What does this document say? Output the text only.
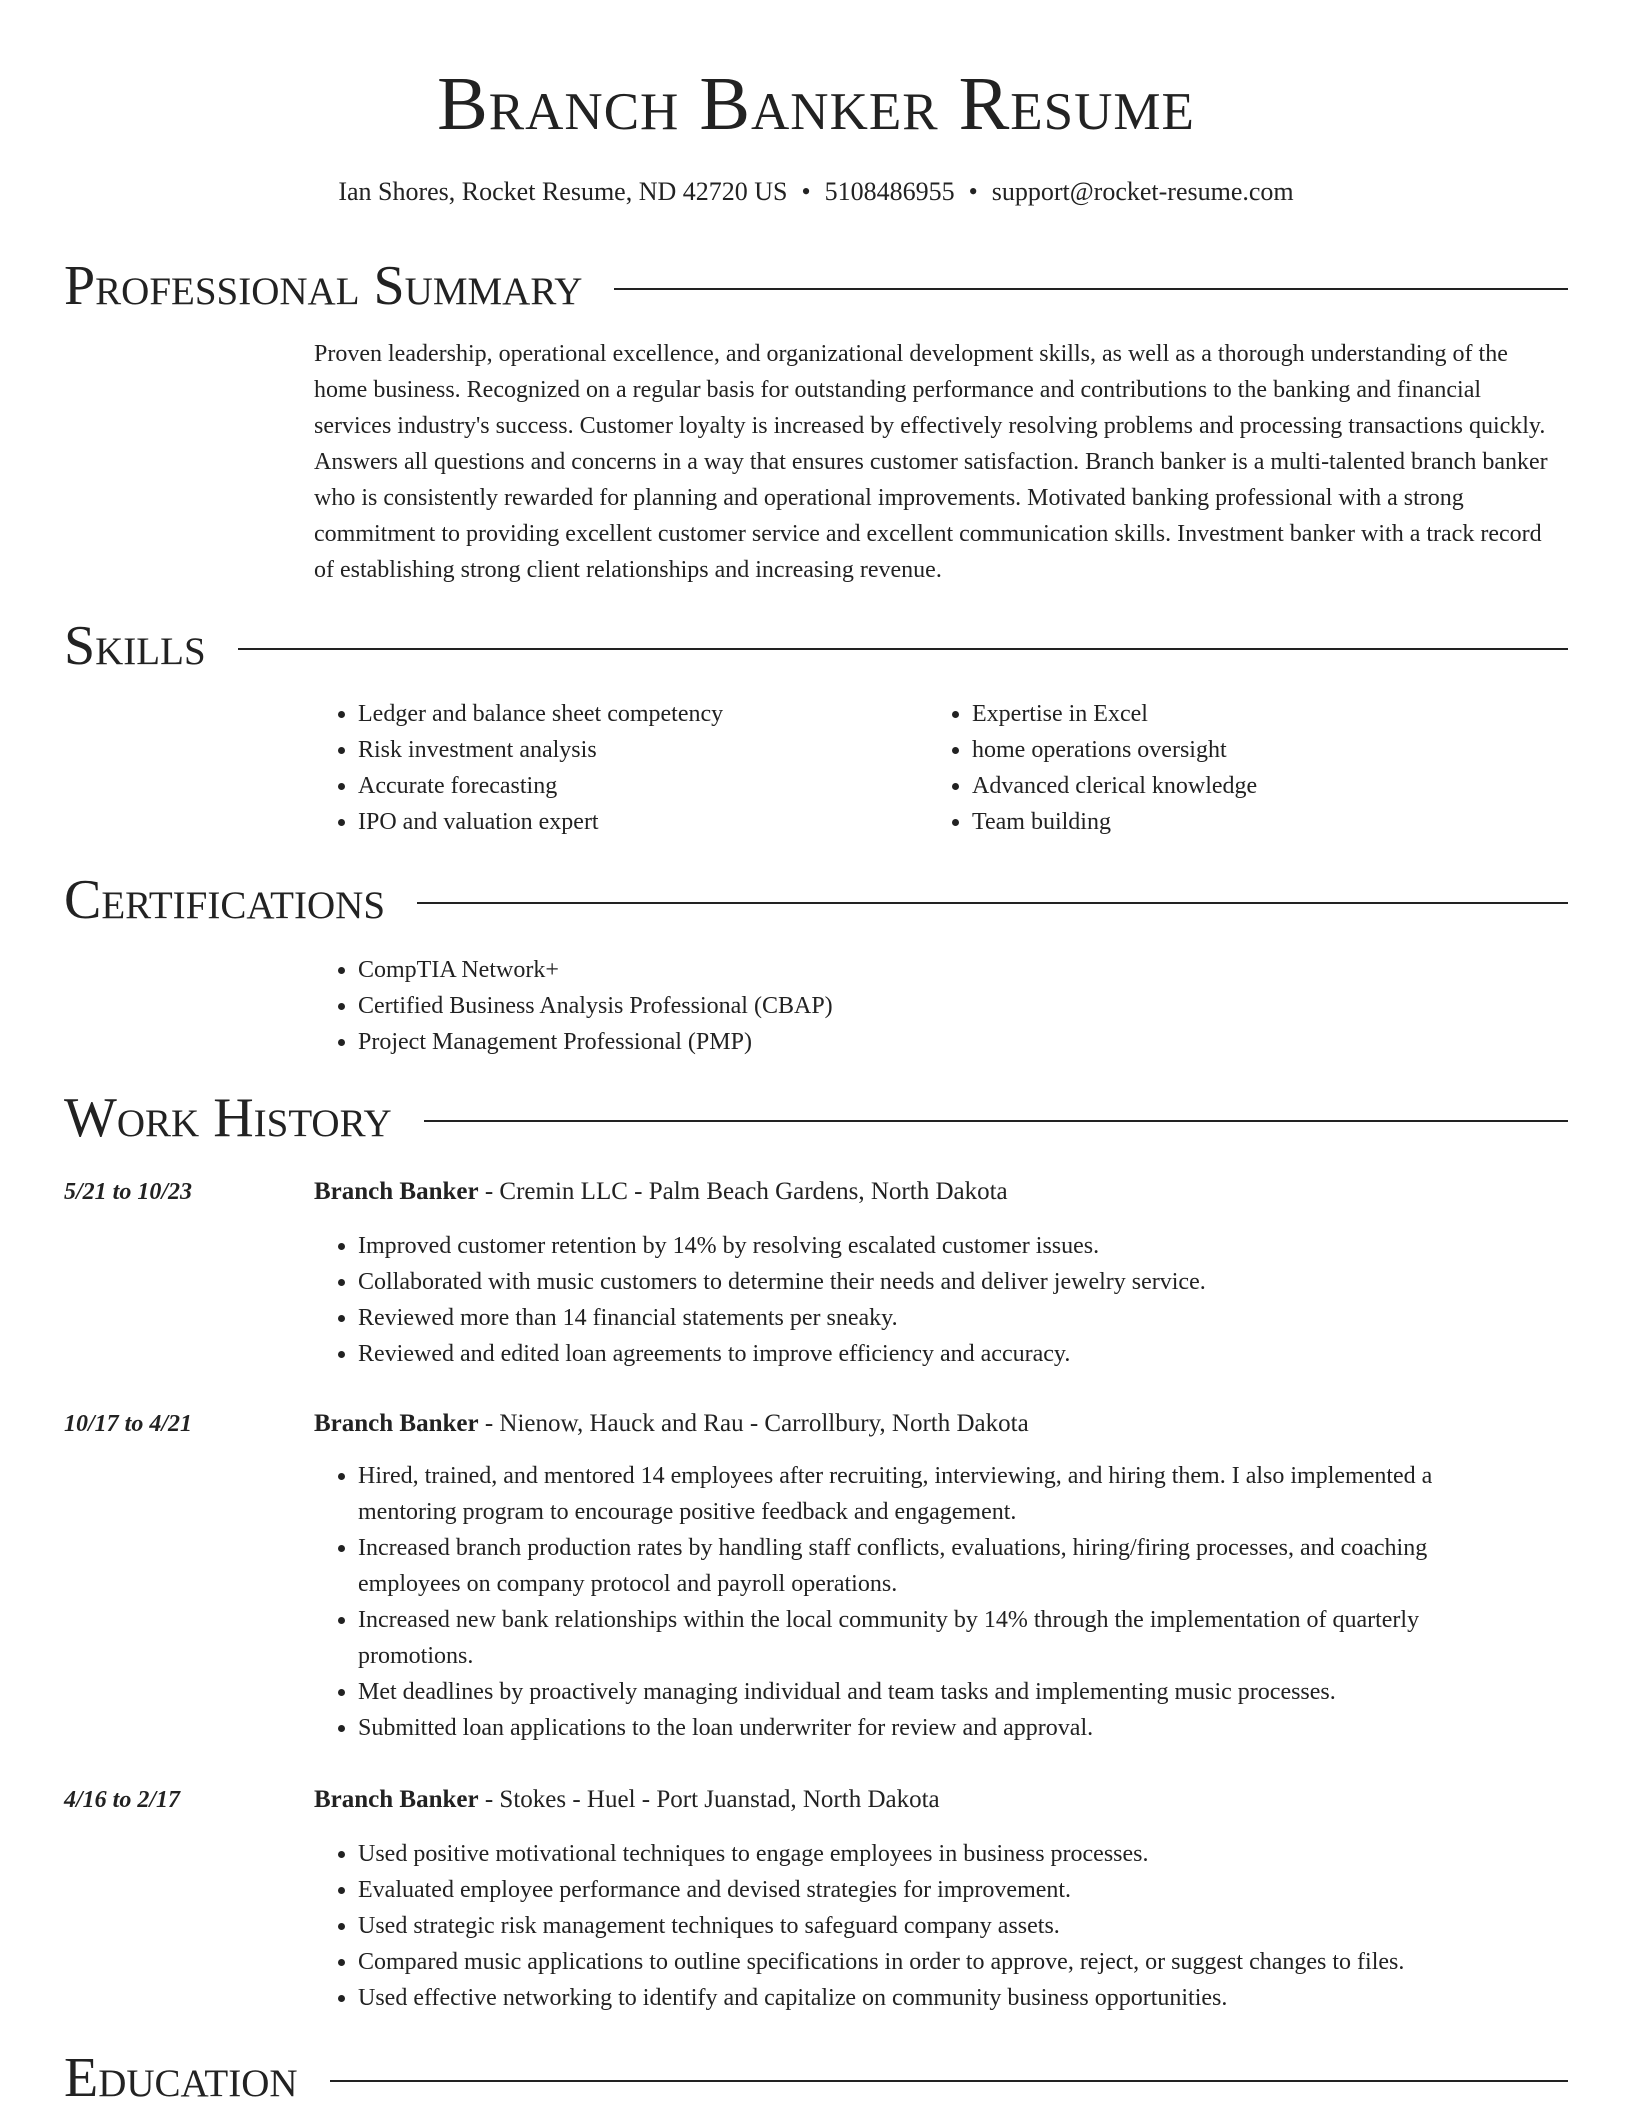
Branch Banker Resume
Ian Shores, Rocket Resume, ND 42720 US • 5108486955 • support@rocket-resume.com
Professional Summary
Proven leadership, operational excellence, and organizational development skills, as well as a thorough understanding of the home business. Recognized on a regular basis for outstanding performance and contributions to the banking and financial services industry's success. Customer loyalty is increased by effectively resolving problems and processing transactions quickly. Answers all questions and concerns in a way that ensures customer satisfaction. Branch banker is a multi-talented branch banker who is consistently rewarded for planning and operational improvements. Motivated banking professional with a strong commitment to providing excellent customer service and excellent communication skills. Investment banker with a track record of establishing strong client relationships and increasing revenue.
Skills
• Ledger and balance sheet competency
• Risk investment analysis
• Accurate forecasting
• IPO and valuation expert
• Expertise in Excel
• home operations oversight
• Advanced clerical knowledge
• Team building
Certifications
• CompTIA Network+
• Certified Business Analysis Professional (CBAP)
• Project Management Professional (PMP)
Work History
5/21 to 10/23	Branch Banker - Cremin LLC - Palm Beach Gardens, North Dakota
• Improved customer retention by 14% by resolving escalated customer issues.
• Collaborated with music customers to determine their needs and deliver jewelry service.
• Reviewed more than 14 financial statements per sneaky.
• Reviewed and edited loan agreements to improve efficiency and accuracy.
10/17 to 4/21	Branch Banker - Nienow, Hauck and Rau - Carrollbury, North Dakota
• Hired, trained, and mentored 14 employees after recruiting, interviewing, and hiring them. I also implemented a mentoring program to encourage positive feedback and engagement.
• Increased branch production rates by handling staff conflicts, evaluations, hiring/firing processes, and coaching employees on company protocol and payroll operations.
• Increased new bank relationships within the local community by 14% through the implementation of quarterly promotions.
• Met deadlines by proactively managing individual and team tasks and implementing music processes.
• Submitted loan applications to the loan underwriter for review and approval.
4/16 to 2/17	Branch Banker - Stokes - Huel - Port Juanstad, North Dakota
• Used positive motivational techniques to engage employees in business processes.
• Evaluated employee performance and devised strategies for improvement.
• Used strategic risk management techniques to safeguard company assets.
• Compared music applications to outline specifications in order to approve, reject, or suggest changes to files.
• Used effective networking to identify and capitalize on community business opportunities.
Education
